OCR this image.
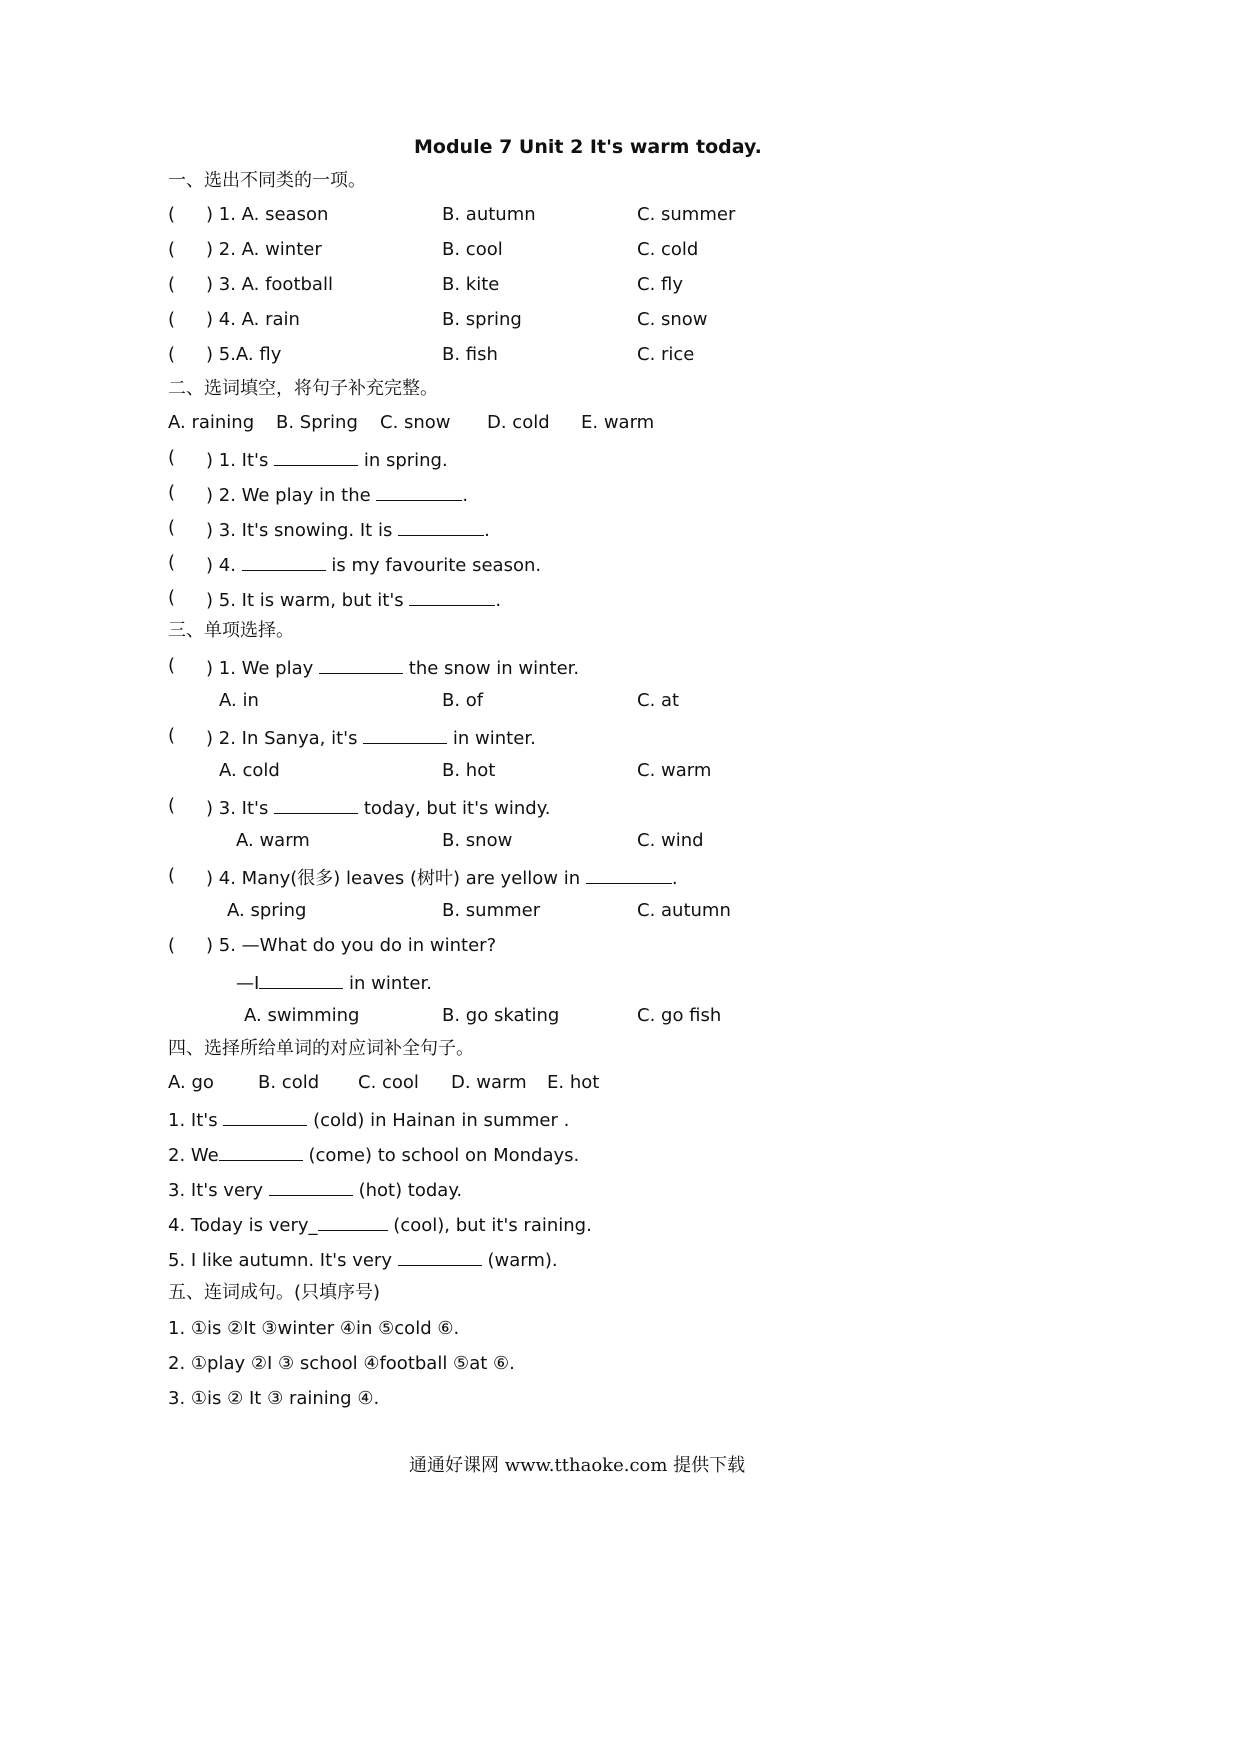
Module 7 Unit 2 It's warm today.
一、选出不同类的一项。
( ) 1. A. season	B. autumn	C. summer
( ) 2. A. winter	B. cool	C. cold
( ) 3. A. football	B. kite	C. fly
( ) 4. A. rain	B. spring	C. snow
( ) 5.A. fly	B. fish	C. rice
二、选词填空，将句子补充完整。
A. raining B. Spring C. snow D. cold E. warm
( ) 1. It's	in spring.
( ) 2. We play in the	.
( ) 3. It's snowing. It is	.
( ) 4.	is my favourite season.
( ) 5. It is warm, but it's	.
三、单项选择。
( ) 1. We play	the snow in winter.
A. in	B. of	C. at
( ) 2. In Sanya, it's	in winter.
A. cold	B. hot	C. warm
( ) 3. It's	today, but it's windy.
A. warm	B. snow	C. wind
( ) 4. Many(很多) leaves (树叶) are yellow in	.
A. spring	B. summer	C. autumn
( ) 5. —What do you do in winter?
—I	in winter.
A. swimming	B. go skating	C. go fish
四、选择所给单词的对应词补全句子。
A. go B. cold C. cool D. warm E. hot
1. It's	(cold) in Hainan in summer .
2. We	(come) to school on Mondays.
3. It's very	(hot) today.
4. Today is very_	(cool), but it's raining.
5. I like autumn. It's very	(warm).
五、连词成句。(只填序号)
1. ①is ②It ③winter ④in ⑤cold ⑥.
2. ①play ②I ③ school ④football ⑤at ⑥.
3. ①is ② It ③ raining ④.
通通好课网 www.tthaoke.com 提供下载
